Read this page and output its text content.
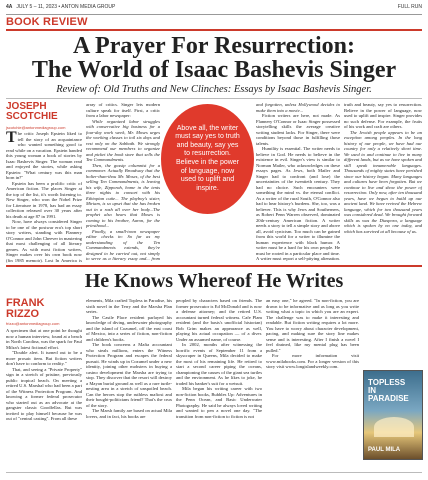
4A JULY 5 – 11, 2023 • ANTON MEDIA GROUP	FULL RUN
BOOK REVIEW
A Prayer For Resurrection:
The World of Isaac Bashevis Singer
Review of: Old Truths and New Clinches: Essays by Isaac Bashevis Singer.
JOSEPH
SCOTCHIE
jscotchie@antonmediagroup.com

The critic Joseph Epstein liked to tell the story of an acquaintance who wanted something good to read while on a vacation. Epstein handed this young woman a book of stories by Isaac Bashevis Singer. The woman read and enjoyed the stories, while asking Epstein: "What century was this man born in?"

Epstein has been a prolific critic of American fiction. The places Singer at the top of the list, it's worth listening to. New Singer, who won the Nobel Prize for Literature in 1978, has had an essay collection released over 30 years after his death at age 87 in 1991.

Now, have always considered Singer to be one of the postwar era's top short story writers, standing with Flannery O'Connor and John Cheever in mastering that most challenging of all literary genres. As with most fiction writers, Singer makes over his own book now (fin 1985 memoir). Lost In America is

array of critics. Singer lets modern culture speak for itself. First, a critic from a labor newspaper:

While organized labor struggles with conservative big business for a four-day work week, Mr. Moses urges the working classes to toil six days and rest only on the Sabbath. We strongly recommend our members to organize and picket the book store that sells the Ten Commandments.

Then, the gossip columnist for a commoner. Actually Broadway that the holier-than-thou Mr. Moses, of the best selling Ten Commandments, is leaving his wife, Zipporah, home in the tents three nights to consort with his Ethiopian cutie... The playboy's sister, Miriam, is so upset that she has broken out in a rash all over her body...The prophet also hears that Moses is coming to his brother, Aaron, for the priesthood...

Finally, a small-town newspaper editor checks in: So far as my understanding of the Ten Commandments extends, they're designed to be carried out, not simply to serve as a literary essay and... from

Above all, the writer must say yes to truth and beauty, say yes to resurrection. Believe in the power of language, now used to uplift and inspire.

and forgotten, unless Hollywood decides to make them into a movie...

Fiction writers are here, not made. As Flannery O'Connor or Isaac Singer possessed storytelling skills the average creative writing student lacks. For Singer, there were conditions beyond those in fulfilling those talents.

Humility is essential. The writer needs to believe in God. He needs to believe in the existence in evil. Singer's view is similar to Norman Mailer, who acknowledges on these essays pages. As Jews, both Mailer and Singer had to confront (and lose) the uncertainties of the twentieth century. They had no choice. Such encounters were something the mind vs. the eternal conflict. As a writer of the rural South, O'Connor also had to hear history's burdens. She, too, was a believer. This is why Jews and Southerners, as Robert Penn Warren observed, dominated 20th-century American fiction. A writer needs a story to tell a simple story and above all, avoid cynicism. Too much can be gained from this world for a writer to illumine the human experience with black humor. A writer must be a hard for his own people. He must be rooted in a particular place and time. A writer must report a self-pitying alienation.

truth and beauty, say yes to resurrection. Believe in the power of language, now used to uplift and inspire. Singer provides no such defense. For example, the fruits of his work and craft are others.

The Jewish people appears to be an exception among peoples. In the long history of our people, we have had our country for only a relatively short time. We used to and continue to live in many different lands, but as we have spoken and still speak innumerable languages. Thousands of mighty states have perished since our history began. Many languages and cultures have been forgotten. But we continue to live and show the power of resurrection. Only now, after ten thousand years, have we begun to build up our ancient land. We have revived the Hebrew language, which for two thousand years was considered dead. We brought forward skills as was the Diaspora, a language which is spoken by no one today, and which has survived at all because of us.

He Knows Whereof He Writes
FRANK
RIZZO
frizzo@antonmediagroup.com

A specimen that at one point he thought now a human interview, found at a beach in North Carolina, was the spark for Paul Milza's latest fictional effort.

"Double alert. It turned out to be a more prosaic item. But fiction writers don't have to conform to reality."

That, and seeing a "Private Property" sign in a stretch of pristine, previously public tropical beach. On meeting a retired U.S. Marshal who had been a part of the Witness Protection Program. And knowing a former federal prosecutor who started out as an advocate at the gangster classic Goodfellas. But was invited to play himself because he was out of "central casting". From all these

elements, Mila crafted Topless in Paradise, his sixth novel in the Terry and the Marsha Plan series.

The Castle Place resident parlayed his knowledge of diving, underwater photography and the island of Cozumel, off the east coast of Mexico, into a series of fiction, non-fiction and children's books.

The book concerns a Mafia accountant who steals millions, enters the Witness Protection Program and escapes the federal pursuit. He winds up in Cozumel under a new identity, joining other mobsters in buying a casino development the Marsha are trying to stop. They discover that the resort will destroy a Mayan burial ground as well as a rare turtle-nesting area in a stretch of unspoiled beach. Can the heroes stop the ruthless mafiosi and their bought-politicians friend? That's the crux of the story.

The Marsh family are based on actual Mila lovers, and in fact, his books are

peopled by characters based on friends. The former prosecutor is Ed McDonald and is now a defense attorney; and the retired U.S. accountant turned federal witness. Cafe Plam resident (and the basis's unofficial historian) Bob Grim makes an appearance as well, playing his actual occupation — of a diver. Under an assumed name, of course.

In 2002, months after witnessing the horrific events of September 11 from a skyscraper in Queens, Mila decided to make the most of his remaining life. He retired to start a second career piping the oceans, championing the causes of the giant sea turtles and the environment. As he likes to joke, he traded his banker's suit for a wetsuit.

Mila began his writing career with two non-fiction books, Bubbles Up: Adventures in the Penn Ocean, and Basic Underwater Photography. He said he always loved writing and wanted to pen a novel one day. "The transition from non-fiction to fiction is not

an easy one," he agreed. "In non-fiction, you are drawn to be informative and as long as you write writing what a topic in which you are an expert. The challenge was to make it interesting and readable. But fiction writing requires a lot more. You have to worry about character development, pacing, and making sure the story line makes sense and is interesting. After I finish a novel I feel drained, like my mental plug has been pulled."

For more information visit www.milabooks.com. For a longer version of this story visit www.longislandweekly.com.

TOPLESS
IN
PARADISE
PAUL MILA
